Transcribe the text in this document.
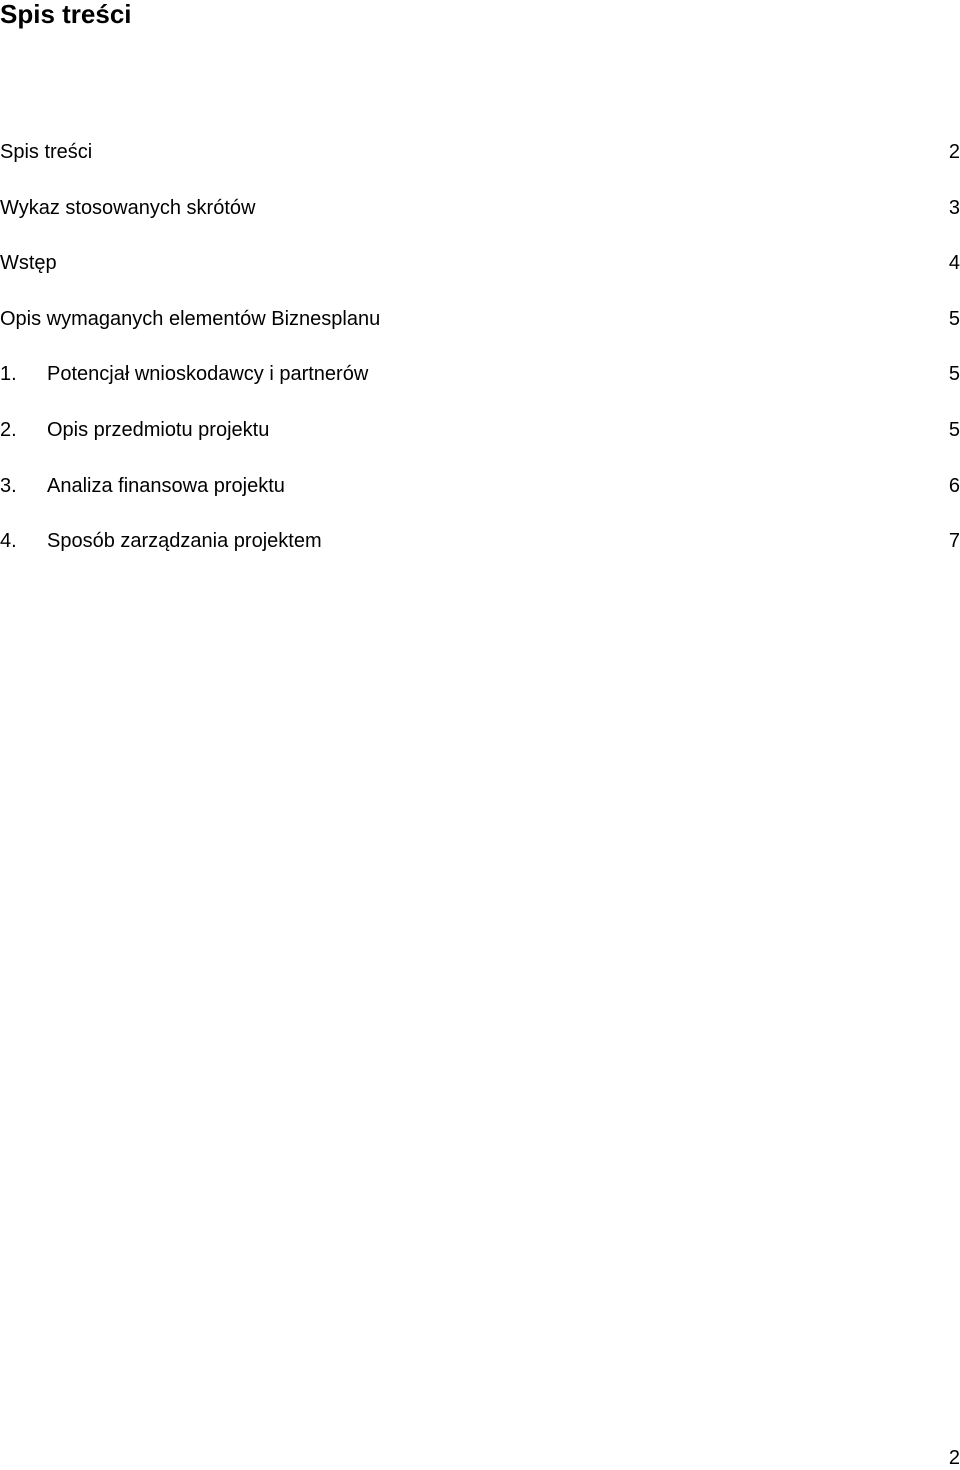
Spis treści
Spis treści	2
Wykaz stosowanych skrótów	3
Wstęp	4
Opis wymaganych elementów Biznesplanu	5
1.	Potencjał wnioskodawcy i partnerów	5
2.	Opis przedmiotu projektu	5
3.	Analiza finansowa projektu	6
4.	Sposób zarządzania projektem	7

2
